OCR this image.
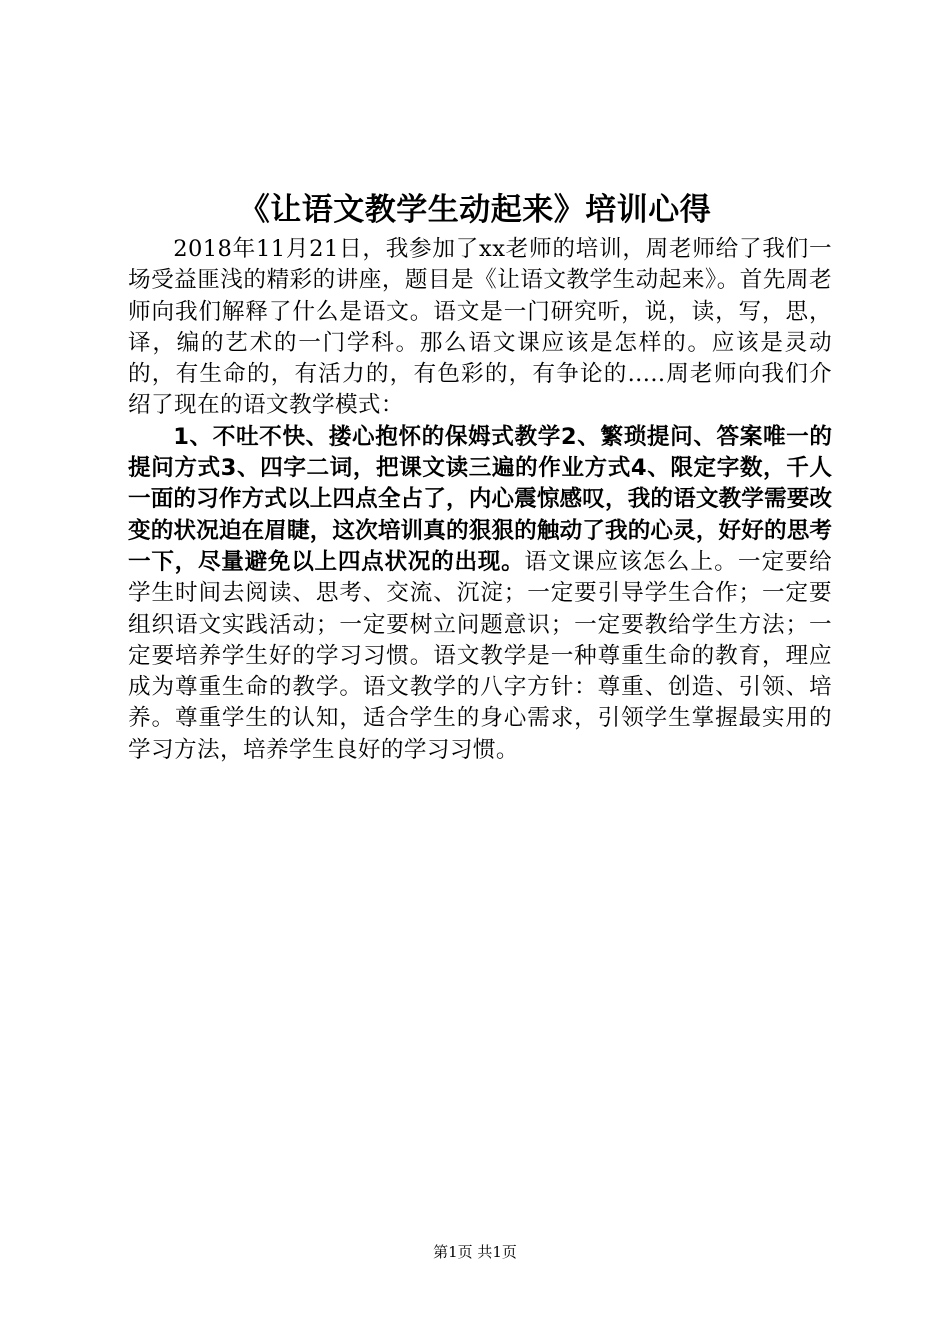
《让语文教学生动起来》培训心得

2018年11月21日，我参加了xx老师的培训，周老师给了我们一场受益匪浅的精彩的讲座，题目是《让语文教学生动起来》。首先周老师向我们解释了什么是语文。语文是一门研究听，说，读，写，思，译，编的艺术的一门学科。那么语文课应该是怎样的。应该是灵动的，有生命的，有活力的，有色彩的，有争论的.....周老师向我们介绍了现在的语文教学模式：

1、不吐不快、搂心抱怀的保姆式教学2、繁琐提问、答案唯一的提问方式3、四字二词，把课文读三遍的作业方式4、限定字数，千人一面的习作方式以上四点全占了，内心震惊感叹，我的语文教学需要改变的状况迫在眉睫，这次培训真的狠狠的触动了我的心灵，好好的思考一下，尽量避免以上四点状况的出现。语文课应该怎么上。一定要给学生时间去阅读、思考、交流、沉淀；一定要引导学生合作；一定要组织语文实践活动；一定要树立问题意识；一定要教给学生方法；一定要培养学生好的学习习惯。语文教学是一种尊重生命的教育，理应成为尊重生命的教学。语文教学的八字方针：尊重、创造、引领、培养。尊重学生的认知，适合学生的身心需求，引领学生掌握最实用的学习方法，培养学生良好的学习习惯。

第1页 共1页
